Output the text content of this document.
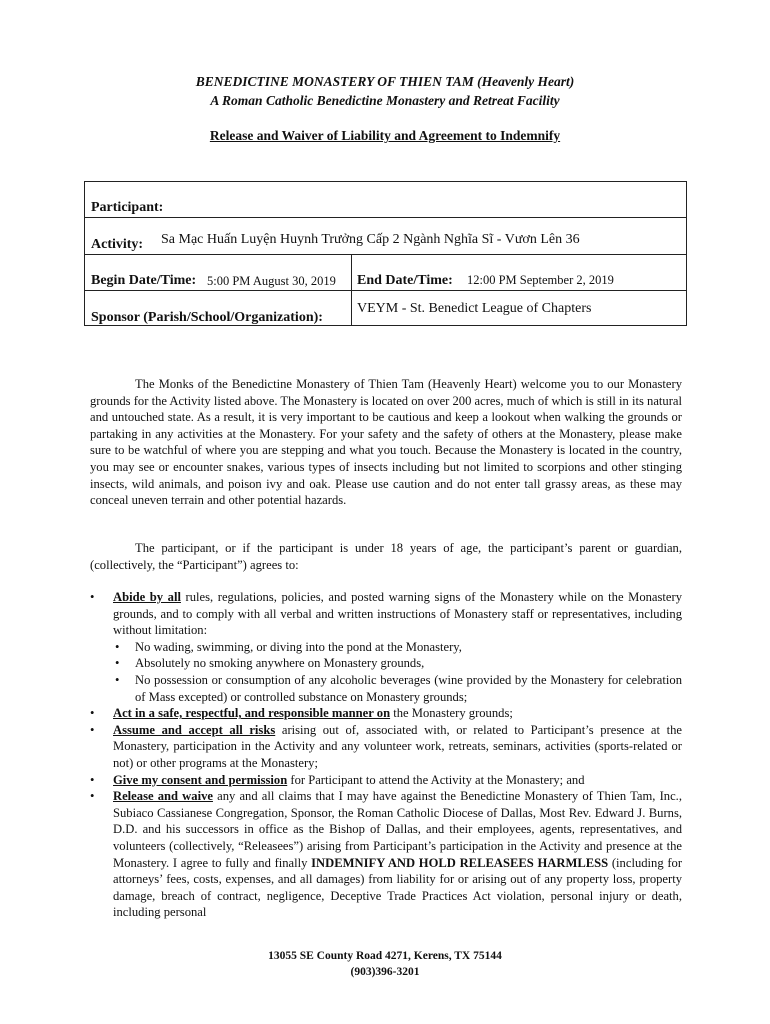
BENEDICTINE MONASTERY OF THIEN TAM (Heavenly Heart)
A Roman Catholic Benedictine Monastery and Retreat Facility
Release and Waiver of Liability and Agreement to Indemnify
Participant:
Activity: Sa Mạc Huấn Luyện Huynh Trưởng Cấp 2 Ngành Nghĩa Sĩ - Vươn Lên 36
Begin Date/Time: 5:00 PM August 30, 2019 End Date/Time: 12:00 PM September 2, 2019
Sponsor (Parish/School/Organization):
VEYM - St. Benedict League of Chapters

The Monks of the Benedictine Monastery of Thien Tam (Heavenly Heart) welcome you to our Monastery grounds for the Activity listed above. The Monastery is located on over 200 acres, much of which is still in its natural and untouched state. As a result, it is very important to be cautious and keep a lookout when walking the grounds or partaking in any activities at the Monastery. For your safety and the safety of others at the Monastery, please make sure to be watchful of where you are stepping and what you touch. Because the Monastery is located in the country, you may see or encounter snakes, various types of insects including but not limited to scorpions and other stinging insects, wild animals, and poison ivy and oak. Please use caution and do not enter tall grassy areas, as these may conceal uneven terrain and other potential hazards.

The participant, or if the participant is under 18 years of age, the participant’s parent or guardian, (collectively, the “Participant”) agrees to:

• Abide by all rules, regulations, policies, and posted warning signs of the Monastery while on the Monastery grounds, and to comply with all verbal and written instructions of Monastery staff or representatives, including without limitation:
• No wading, swimming, or diving into the pond at the Monastery,
• Absolutely no smoking anywhere on Monastery grounds,
• No possession or consumption of any alcoholic beverages (wine provided by the Monastery for celebration of Mass excepted) or controlled substance on Monastery grounds;
• Act in a safe, respectful, and responsible manner on the Monastery grounds;
• Assume and accept all risks arising out of, associated with, or related to Participant’s presence at the Monastery, participation in the Activity and any volunteer work, retreats, seminars, activities (sports-related or not) or other programs at the Monastery;
• Give my consent and permission for Participant to attend the Activity at the Monastery; and
• Release and waive any and all claims that I may have against the Benedictine Monastery of Thien Tam, Inc., Subiaco Cassianese Congregation, Sponsor, the Roman Catholic Diocese of Dallas, Most Rev. Edward J. Burns, D.D. and his successors in office as the Bishop of Dallas, and their employees, agents, representatives, and volunteers (collectively, “Releasees”) arising from Participant’s participation in the Activity and presence at the Monastery. I agree to fully and finally INDEMNIFY AND HOLD RELEASEES HARMLESS (including for attorneys’ fees, costs, expenses, and all damages) from liability for or arising out of any property loss, property damage, breach of contract, negligence, Deceptive Trade Practices Act violation, personal injury or death, including personal
13055 SE County Road 4271, Kerens, TX 75144
(903)396-3201
